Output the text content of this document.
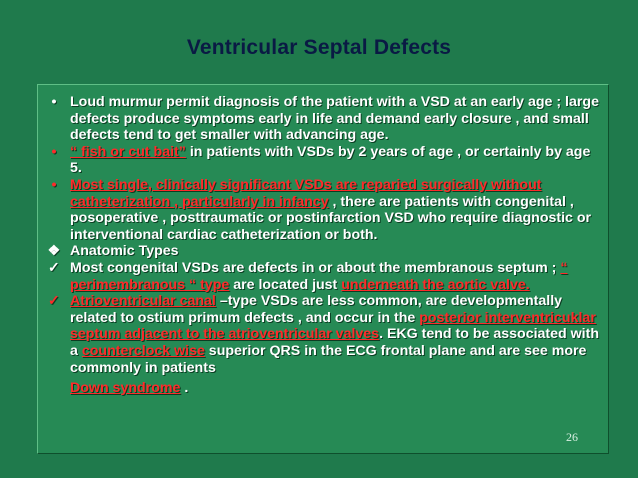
Ventricular Septal Defects
• Loud murmur permit diagnosis of the patient with a VSD at an early age ; large defects produce symptoms early in life and demand early closure , and small defects tend to get smaller with advancing age.
• “ fish or cut bait” in patients with VSDs by 2 years of age , or certainly by age 5.
• Most single, clinically significant VSDs are reparied surgically without catheterization , particularly in infancy , there are patients with congenital , posoperative , posttraumatic or postinfarction VSD who require diagnostic or interventional cardiac catheterization or both.
❖ Anatomic Types
✓ Most congenital VSDs are defects in or about the membranous septum ; “ perimembranous “ type are located just underneath the aortic valve.
✓ Atrioventricular canal –type VSDs are less common, are developmentally related to ostium primum defects , and occur in the posterior interventricuklar septum adjacent to the atrioventricular valves. EKG tend to be associated with a counterclock wise superior QRS in the ECG frontal plane and are see more commonly in patients
Down syndrome .
26
